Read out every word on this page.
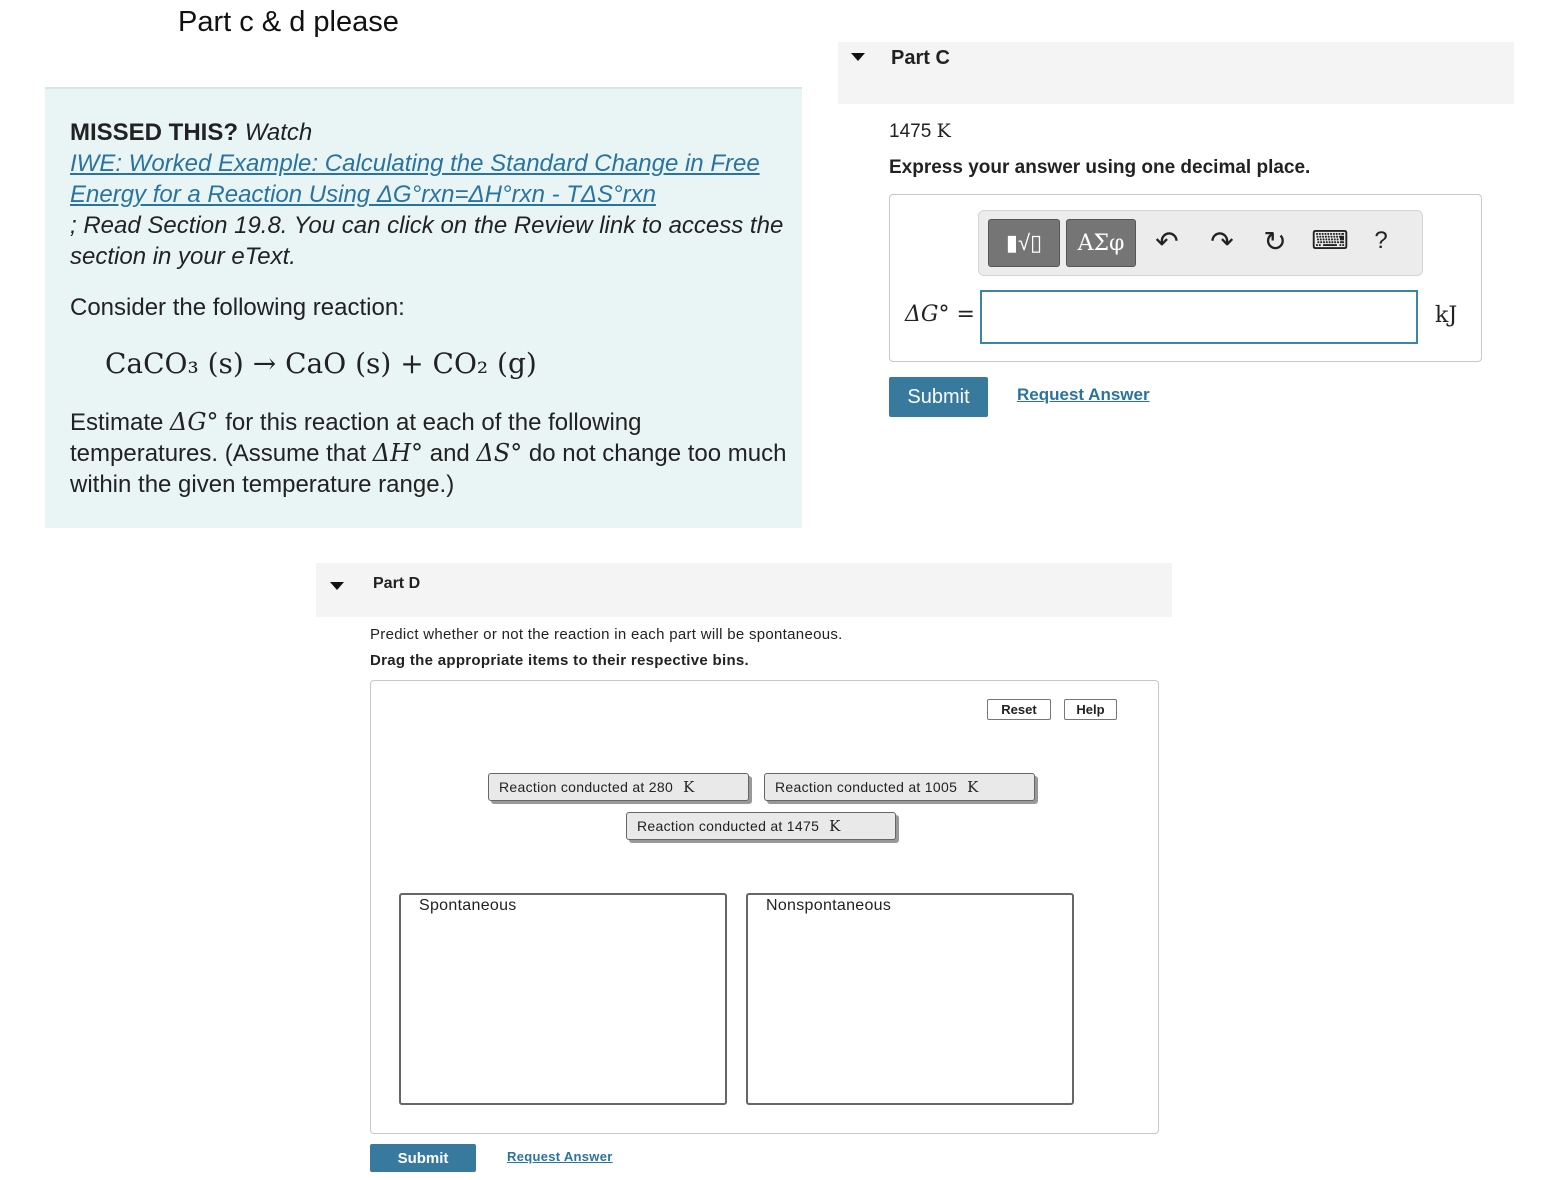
Part c & d please
MISSED THIS? Watch
IWE: Worked Example: Calculating the Standard Change in Free Energy for a Reaction Using ΔG°rxn=ΔH°rxn - TΔS°rxn
; Read Section 19.8. You can click on the Review link to access the section in your eText.
Consider the following reaction:
CaCO₃ (s) → CaO (s) + CO₂ (g)
Estimate ΔG° for this reaction at each of the following temperatures. (Assume that ΔH° and ΔS° do not change too much within the given temperature range.)
Part C
1475 K
Express your answer using one decimal place.
▮√▯	ΑΣφ	↶ ↷ ↻ ⌨	?
ΔG° =	kJ
Submit	Request Answer
Part D
Predict whether or not the reaction in each part will be spontaneous.
Drag the appropriate items to their respective bins.
Reset	Help
Reaction conducted at 280 K	Reaction conducted at 1005 K
Reaction conducted at 1475 K
Spontaneous	Nonspontaneous
Submit	Request Answer
